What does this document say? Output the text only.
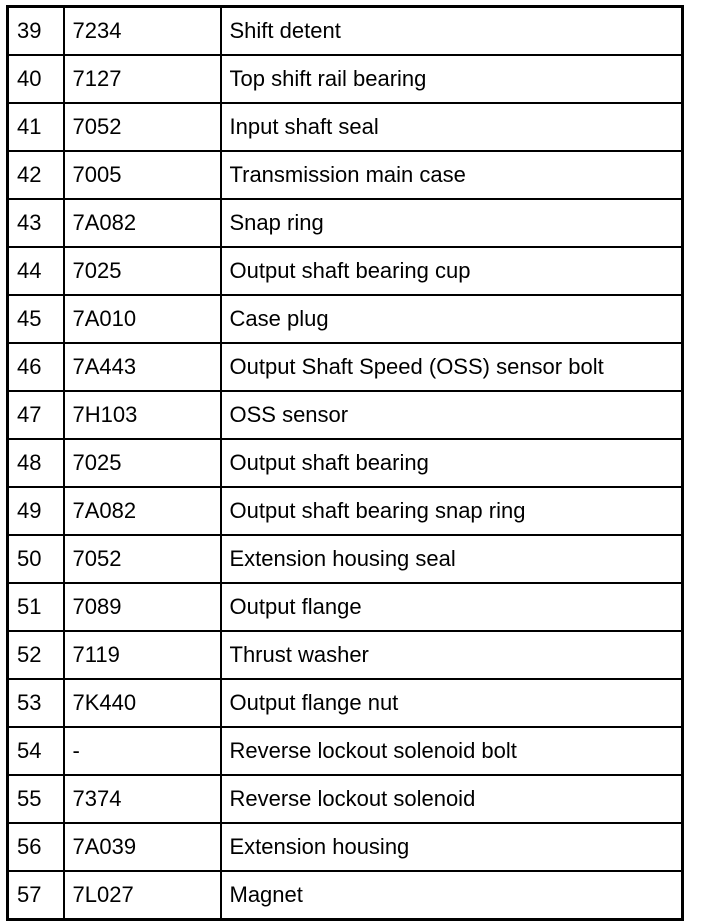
39	7234	Shift detent
40	7127	Top shift rail bearing
41	7052	Input shaft seal
42	7005	Transmission main case
43	7A082	Snap ring
44	7025	Output shaft bearing cup
45	7A010	Case plug
46	7A443	Output Shaft Speed (OSS) sensor bolt
47	7H103	OSS sensor
48	7025	Output shaft bearing
49	7A082	Output shaft bearing snap ring
50	7052	Extension housing seal
51	7089	Output flange
52	7119	Thrust washer
53	7K440	Output flange nut
54	-	Reverse lockout solenoid bolt
55	7374	Reverse lockout solenoid
56	7A039	Extension housing
57	7L027	Magnet
